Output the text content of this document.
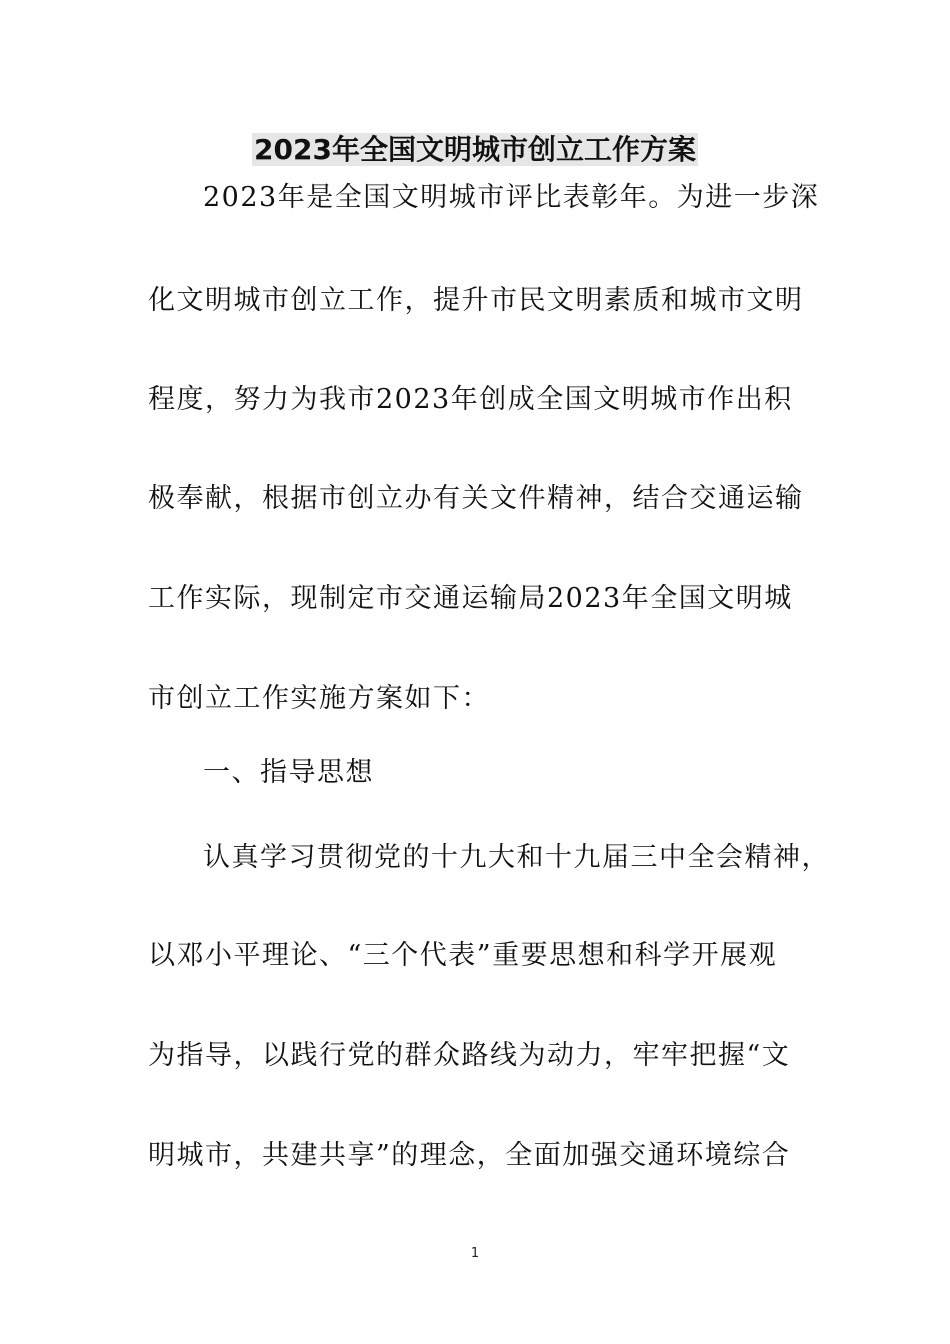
2023年全国文明城市创立工作方案
2023年是全国文明城市评比表彰年。为进一步深
化文明城市创立工作，提升市民文明素质和城市文明
程度，努力为我市2023年创成全国文明城市作出积
极奉献，根据市创立办有关文件精神，结合交通运输
工作实际，现制定市交通运输局2023年全国文明城
市创立工作实施方案如下：
一、指导思想
认真学习贯彻党的十九大和十九届三中全会精神，
以邓小平理论、“三个代表”重要思想和科学开展观
为指导，以践行党的群众路线为动力，牢牢把握“文
明城市，共建共享”的理念，全面加强交通环境综合
1
